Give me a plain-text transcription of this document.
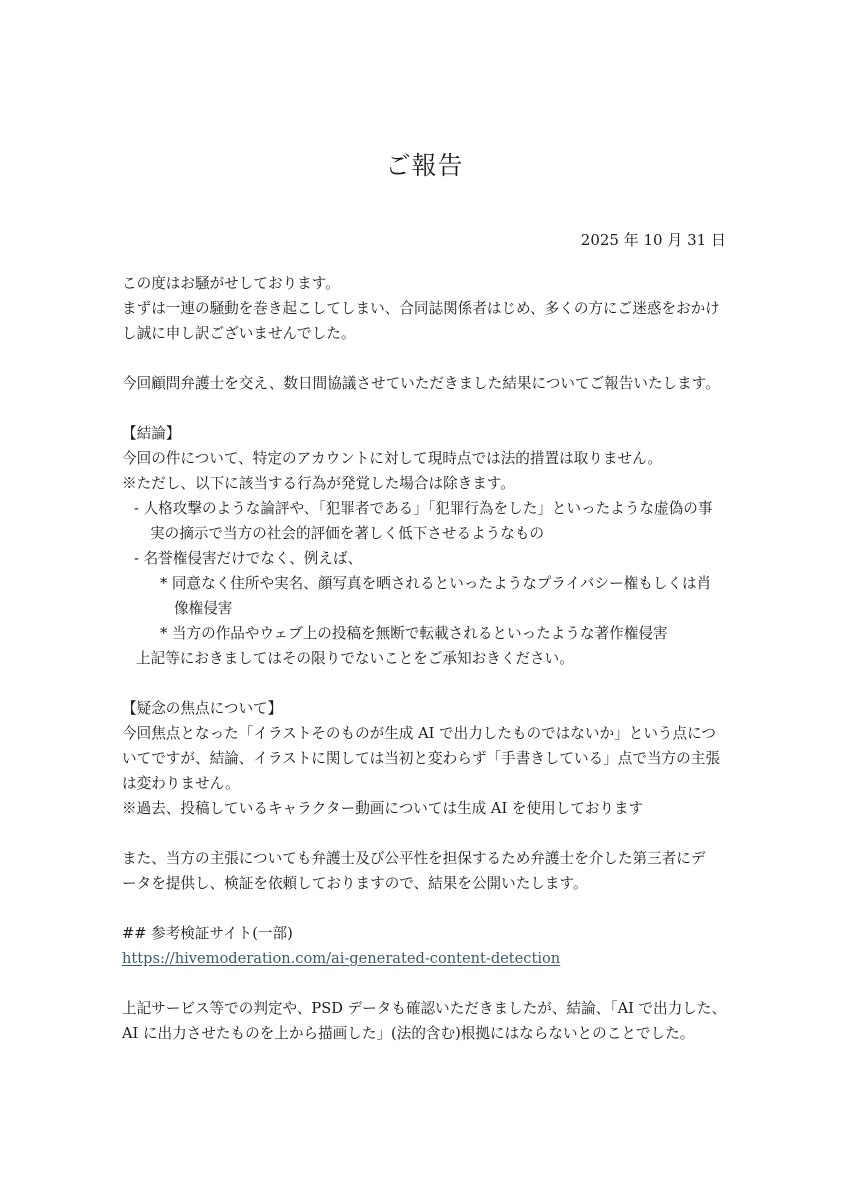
ご報告
2025 年 10 月 31 日

この度はお騒がせしております。

まずは一連の騒動を巻き起こしてしまい、合同誌関係者はじめ、多くの方にご迷惑をおかけ

し誠に申し訳ございませんでした。

今回顧問弁護士を交え、数日間協議させていただきました結果についてご報告いたします。

【結論】

今回の件について、特定のアカウントに対して現時点では法的措置は取りません。

※ただし、以下に該当する行為が発覚した場合は除きます。

- 人格攻撃のような論評や、「犯罪者である」「犯罪行為をした」といったような虚偽の事

実の摘示で当方の社会的評価を著しく低下させるようなもの

- 名誉権侵害だけでなく、例えば、

* 同意なく住所や実名、顔写真を晒されるといったようなプライバシー権もしくは肖

像権侵害

* 当方の作品やウェブ上の投稿を無断で転載されるといったような著作権侵害

上記等におきましてはその限りでないことをご承知おきください。

【疑念の焦点について】

今回焦点となった「イラストそのものが生成 AI で出力したものではないか」という点につ

いてですが、結論、イラストに関しては当初と変わらず「手書きしている」点で当方の主張

は変わりません。

※過去、投稿しているキャラクター動画については生成 AI を使用しております

また、当方の主張についても弁護士及び公平性を担保するため弁護士を介した第三者にデ

ータを提供し、検証を依頼しておりますので、結果を公開いたします。

## 参考検証サイト(一部)

https://hivemoderation.com/ai-generated-content-detection

上記サービス等での判定や、PSD データも確認いただきましたが、結論、「AI で出力した、

AI に出力させたものを上から描画した」(法的含む)根拠にはならないとのことでした。
